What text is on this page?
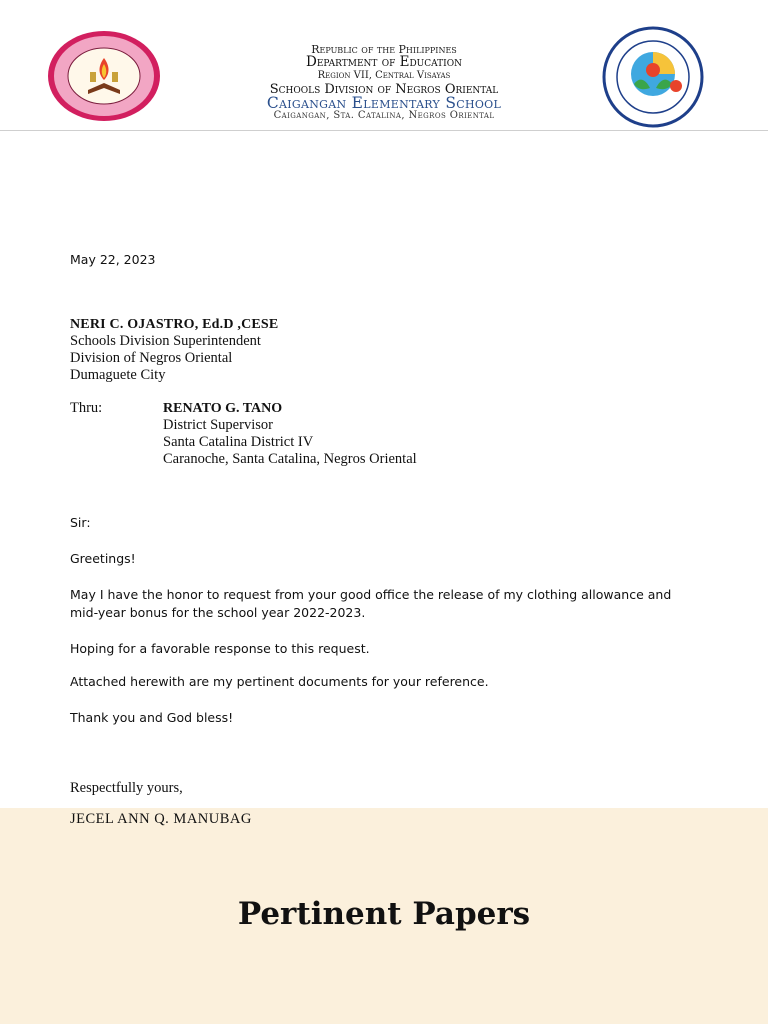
Republic of the Philippines
Department of Education
Region VII, Central Visayas
Schools Division of Negros Oriental
Caigangan Elementary School
Caigangan, Sta. Catalina, Negros Oriental
May 22, 2023
NERI C. OJASTRO, Ed.D ,CESE
Schools Division Superintendent
Division of Negros Oriental
Dumaguete City
Thru:	RENATO G. TANO
District Supervisor
Santa Catalina District IV
Caranoche, Santa Catalina, Negros Oriental
Sir:
Greetings!
May I have the honor to request from your good office the release of my clothing allowance and
mid-year bonus for the school year 2022-2023.
Hoping for a favorable response to this request.
Attached herewith are my pertinent documents for your reference.
Thank you and God bless!
Respectfully yours,
JECEL ANN Q. MANUBAG
Pertinent Papers
